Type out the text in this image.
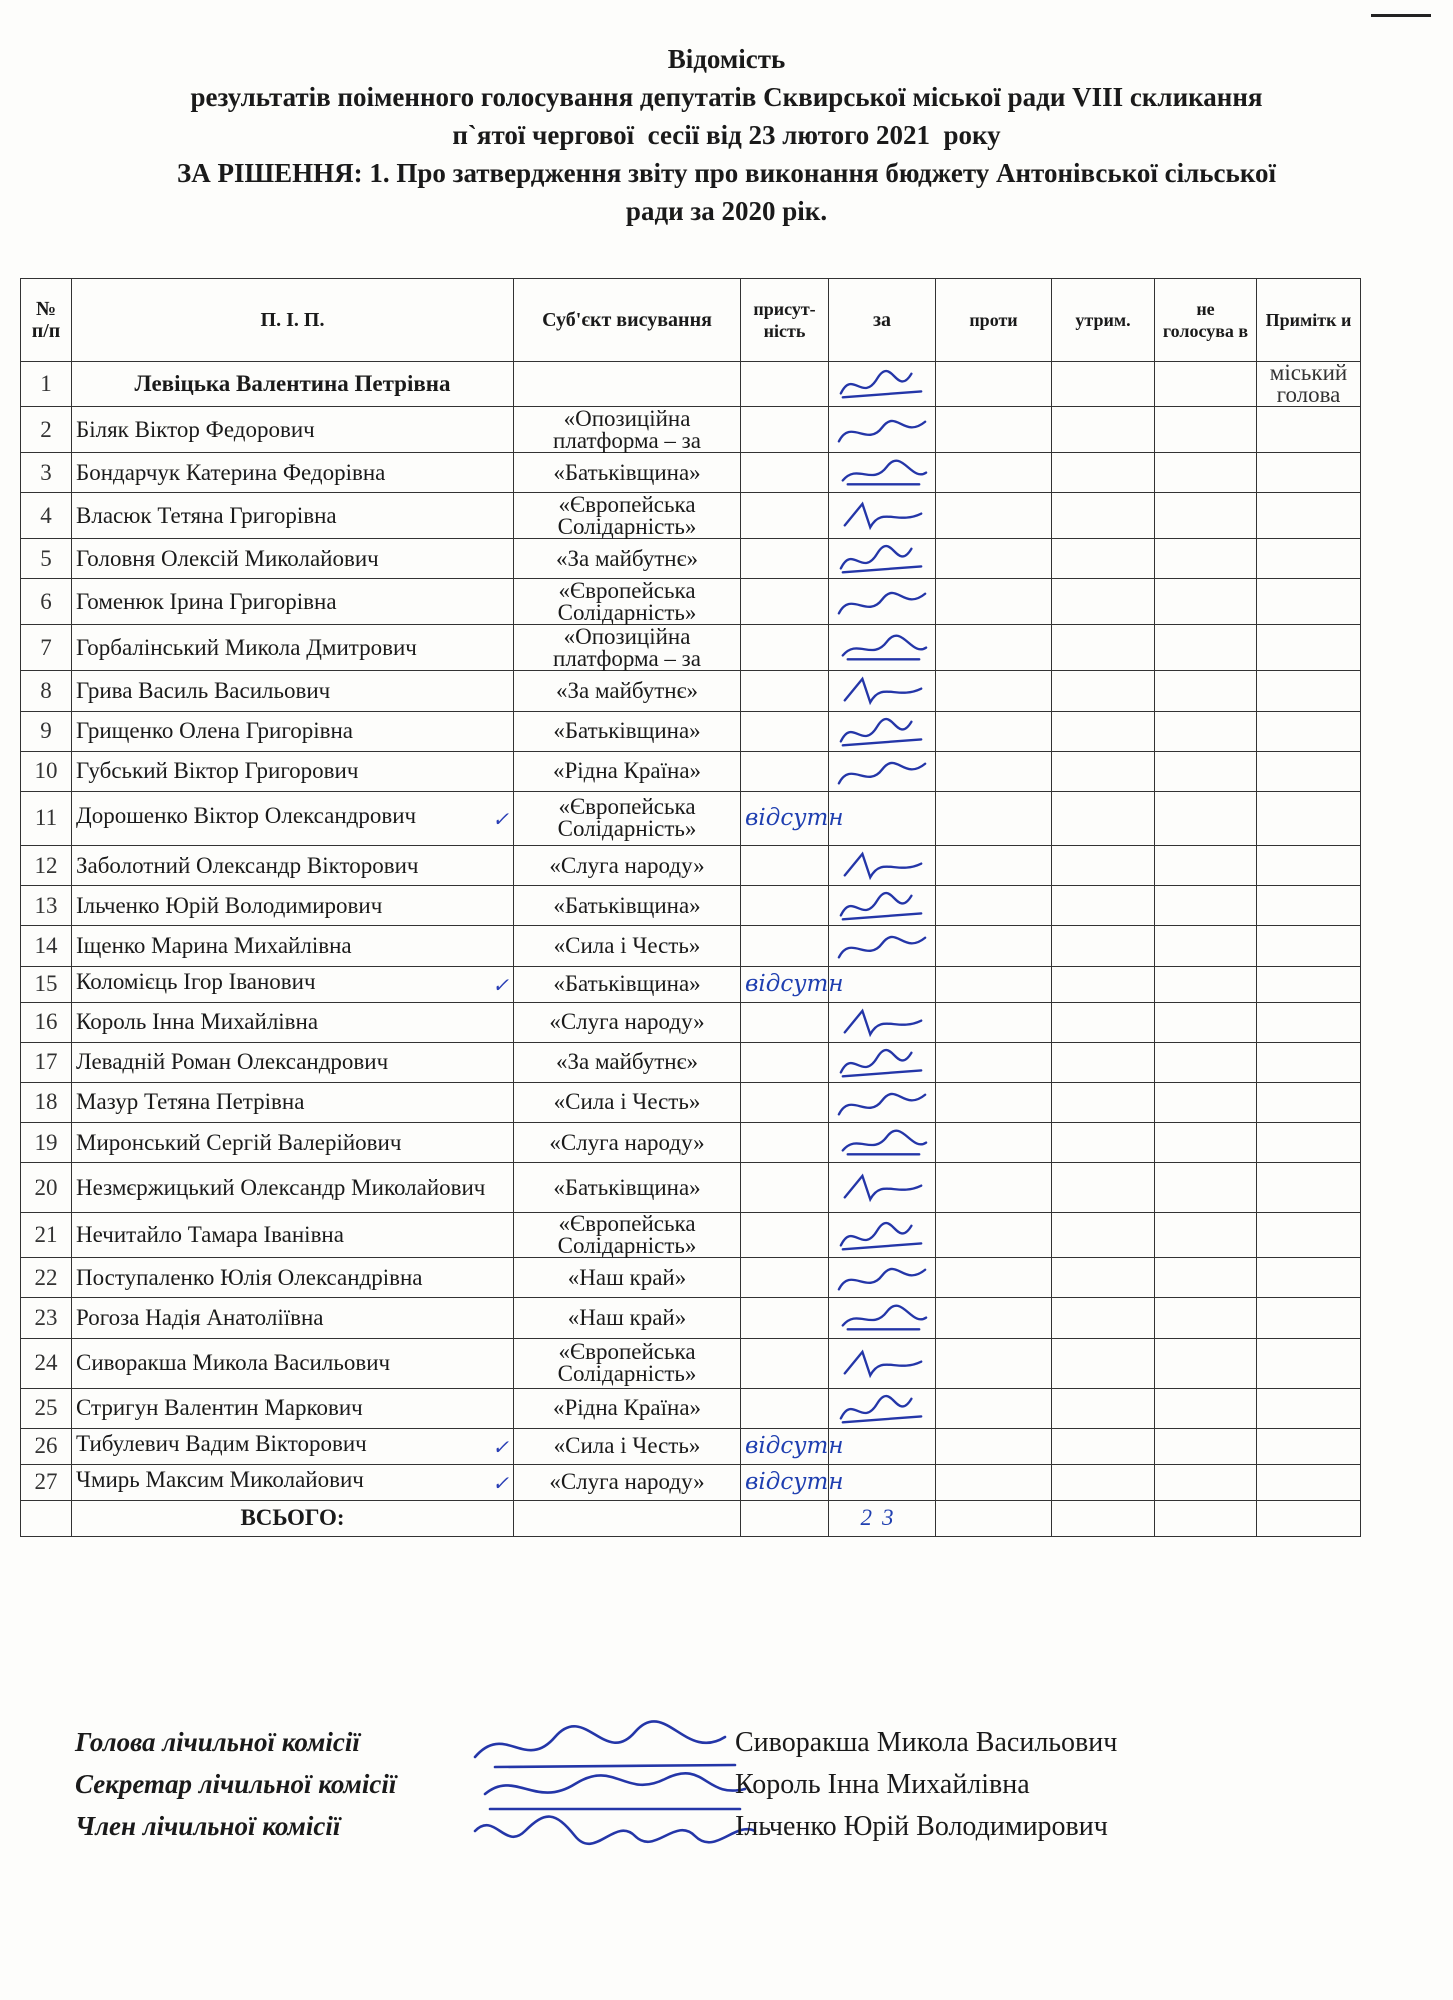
Відомість
результатів поіменного голосування депутатів Сквирської міської ради VIII скликання
п`ятої чергової  сесії від 23 лютого 2021  року
ЗА РІШЕННЯ: 1. Про затвердження звіту про виконання бюджету Антонівської сільської
ради за 2020 рік.
№ п/п	П. І. П.	Суб'єкт висування	присут-ність	за	проти	утрим.	не голосува в	Примітк и
1	Левіцька Валентина Петрівна							міський голова
2	Біляк Віктор Федорович	«Опозиційна платформа – за		

3	Бондарчук Катерина Федорівна	«Батьківщина»		

4	Власюк Тетяна Григорівна	«Європейська Солідарність»		

5	Головня Олексій Миколайович	«За майбутнє»		

6	Гоменюк Ірина Григорівна	«Європейська Солідарність»		

7	Горбалінський Микола Дмитрович	«Опозиційна платформа – за		

8	Грива Василь Васильович	«За майбутнє»		

9	Грищенко Олена Григорівна	«Батьківщина»		

10	Губський Віктор Григорович	«Рідна Країна»		

11	Дорошенко Віктор Олександрович ✓	«Європейська Солідарність»	відсутн					
12	Заболотний Олександр Вікторович	«Слуга народу»		

13	Ільченко Юрій Володимирович	«Батьківщина»		

14	Іщенко Марина Михайлівна	«Сила і Честь»		

15	Коломієць Ігор Іванович ✓	«Батьківщина»	відсутн					
16	Король Інна Михайлівна	«Слуга народу»		

17	Левадній Роман Олександрович	«За майбутнє»		

18	Мазур Тетяна Петрівна	«Сила і Честь»		

19	Миронський Сергій Валерійович	«Слуга народу»		

20	Незмєржицький Олександр Миколайович	«Батьківщина»		

21	Нечитайло Тамара Іванівна	«Європейська Солідарність»		

22	Поступаленко Юлія Олександрівна	«Наш край»		

23	Рогоза Надія Анатоліївна	«Наш край»		

24	Сиворакша Микола Васильович	«Європейська Солідарність»		

25	Стригун Валентин Маркович	«Рідна Країна»		

26	Тибулевич Вадим Вікторович ✓	«Сила і Честь»	відсутн					
27	Чмирь Максим Миколайович ✓	«Слуга народу»	відсутн					
	ВСЬОГО:			23				
Голова лічильної комісії	Сиворакша Микола Васильович
Секретар лічильної комісії	Король Інна Михайлівна
Член лічильної комісії	Ільченко Юрій Володимирович
